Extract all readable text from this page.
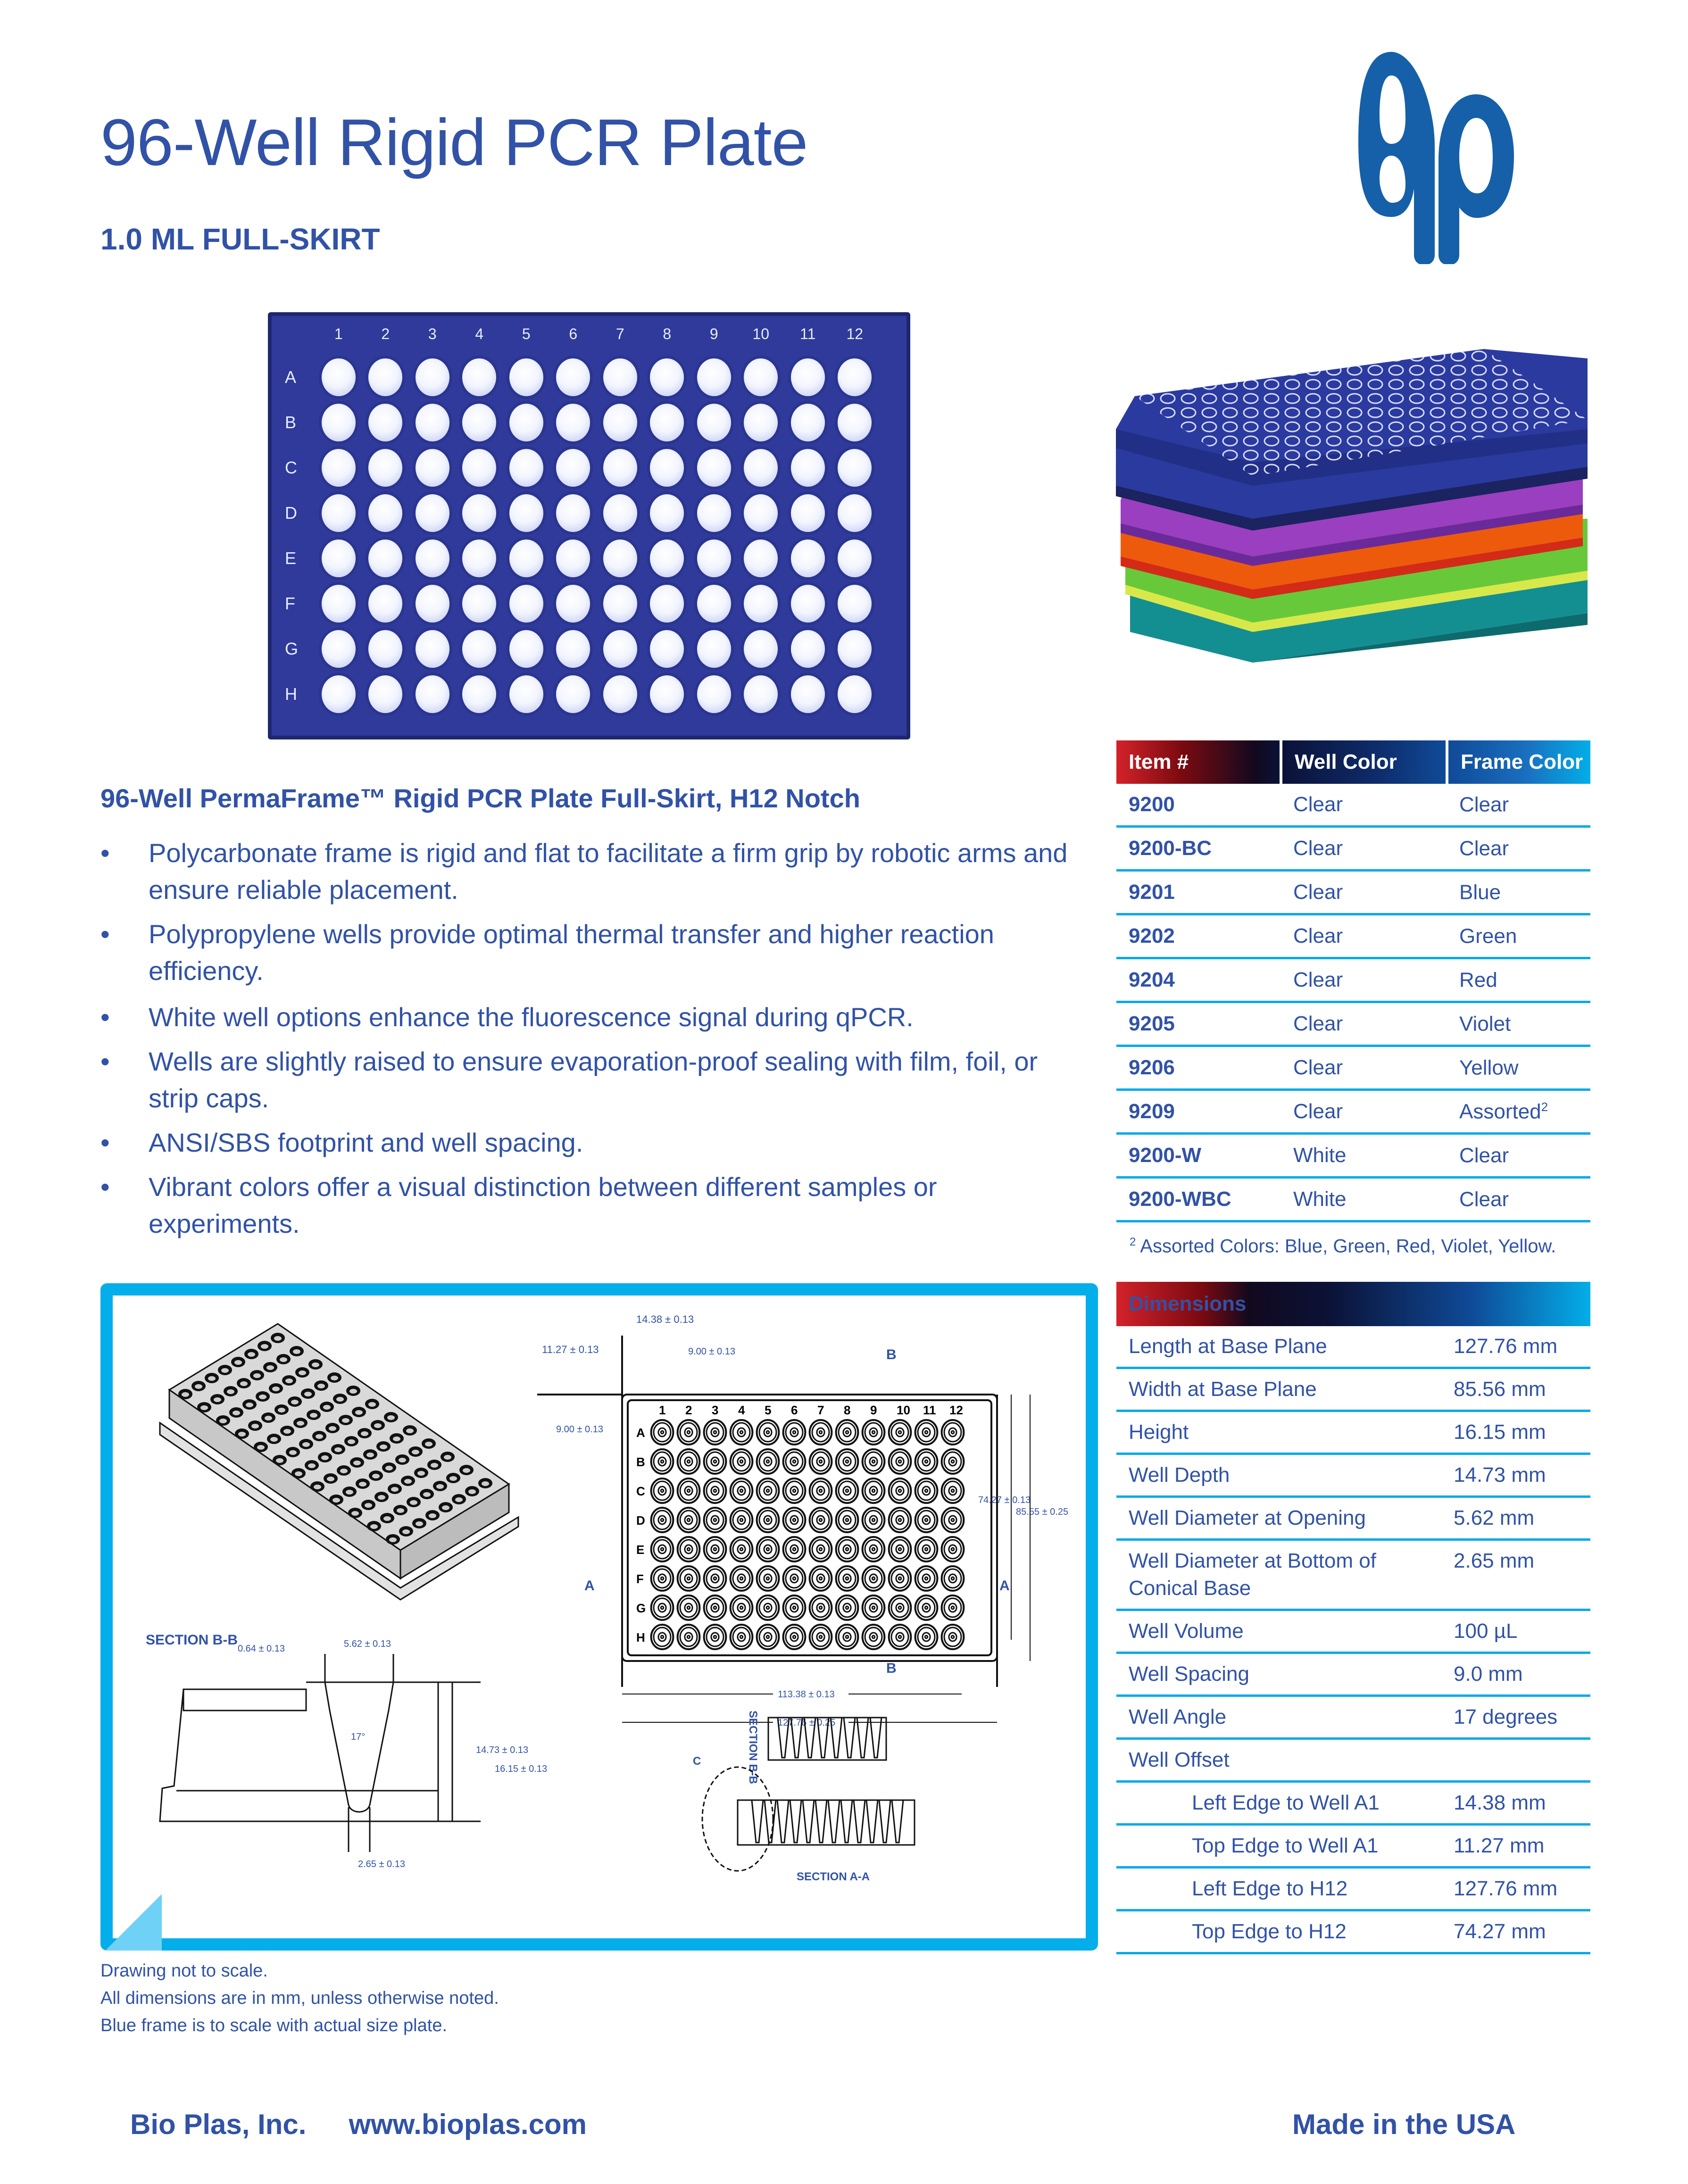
96-Well Rigid PCR Plate
1.0 ML FULL-SKIRT
1	2	3	4	5	6	7	8	9	10	11	12
A
B
C
D
E
F
G
H
Item #	Well Color	Frame Color
9200	Clear	Clear
9200-BC	Clear	Clear
9201	Clear	Blue
9202	Clear	Green
9204	Clear	Red
9205	Clear	Violet
9206	Clear	Yellow
9209	Clear	Assorted$^2$
9200-W	White	Clear
9200-WBC	White	Clear
$^2$ Assorted Colors: Blue, Green, Red, Violet, Yellow.
96-Well PermaFrame™ Rigid PCR Plate Full-Skirt, H12 Notch
• Polycarbonate frame is rigid and flat to facilitate a firm grip by robotic arms and ensure reliable placement.
• Polypropylene wells provide optimal thermal transfer and higher reaction efficiency.
• White well options enhance the fluorescence signal during qPCR.
• Wells are slightly raised to ensure evaporation-proof sealing with film, foil, or strip caps.
• ANSI/SBS footprint and well spacing.
• Vibrant colors offer a visual distinction between different samples or experiments.
1 2 3 4 5 6 7 8 9 10 11 12
A
B
C
D
E
F
G
H
14.38 ± 0.13
11.27 ± 0.13
9.00 ± 0.13
9.00 ± 0.13
74.27 ± 0.13
85.55 ± 0.25
113.38 ± 0.13
127.76 ± 0.25
A	A
B
B
SECTION B-B
0.64 ± 0.13	5.62 ± 0.13
17°
14.73 ± 0.13
16.15 ± 0.13
2.65 ± 0.13
SECTION B-B
C
SECTION A-A
Dimensions	
Length at Base Plane	127.76 mm
Width at Base Plane	85.56 mm
Height	16.15 mm
Well Depth	14.73 mm
Well Diameter at Opening	5.62 mm
Well Diameter at Bottom of Conical Base	2.65 mm
Well Volume	100 µL
Well Spacing	9.0 mm
Well Angle	17 degrees
Well Offset	
Left Edge to Well A1	14.38 mm
Top Edge to Well A1	11.27 mm
Left Edge to H12	127.76 mm
Top Edge to H12	74.27 mm
Drawing not to scale.
All dimensions are in mm, unless otherwise noted.
Blue frame is to scale with actual size plate.
Bio Plas, Inc. www.bioplas.com	Made in the USA
